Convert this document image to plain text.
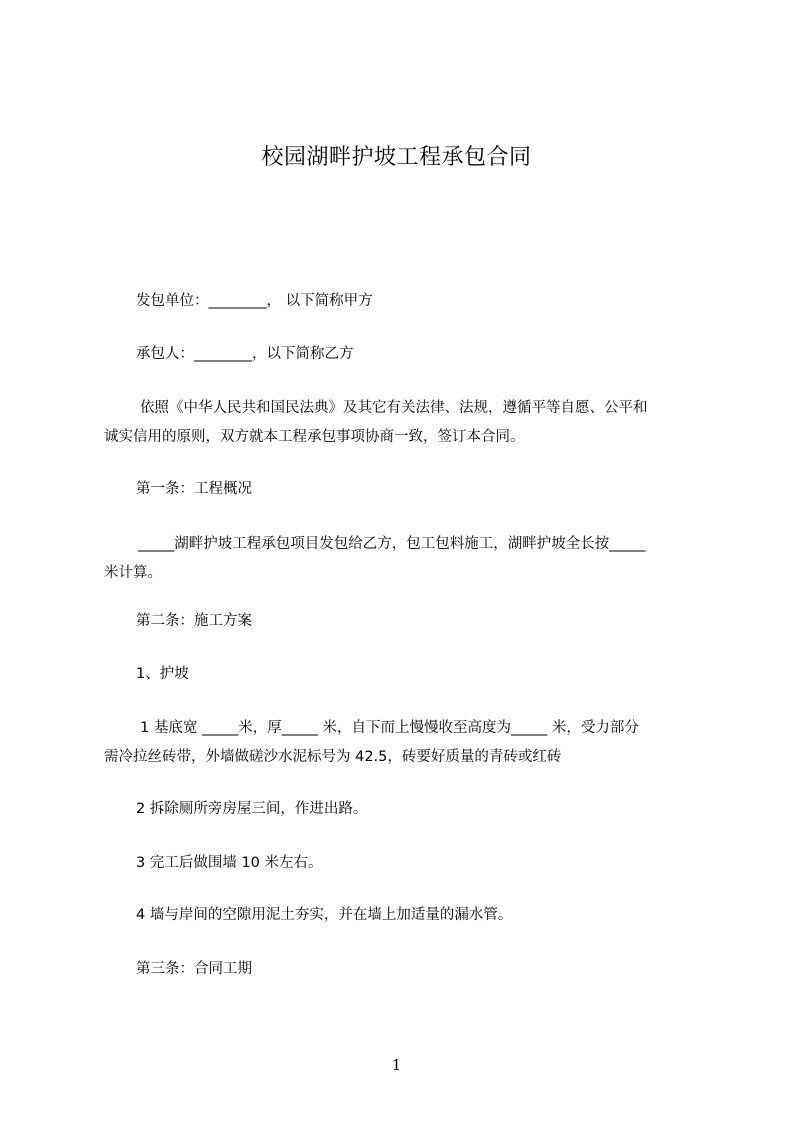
校园湖畔护坡工程承包合同
发包单位：________， 以下简称甲方
承包人：________，以下简称乙方
依照《中华人民共和国民法典》及其它有关法律、法规，遵循平等自愿、公平和
诚实信用的原则，双方就本工程承包事项协商一致，签订本合同。
第一条：工程概况
_____湖畔护坡工程承包项目发包给乙方，包工包料施工，湖畔护坡全长按_____
米计算。
第二条：施工方案
1、护坡
1 基底宽 _____米，厚_____ 米，自下而上慢慢收至高度为_____ 米，受力部分
需冷拉丝砖带，外墙做磋沙水泥标号为 42.5，砖要好质量的青砖或红砖
2 拆除厕所旁房屋三间，作进出路。
3 完工后做围墙 10 米左右。
4 墙与岸间的空隙用泥土夯实，并在墙上加适量的漏水管。
第三条：合同工期
1
